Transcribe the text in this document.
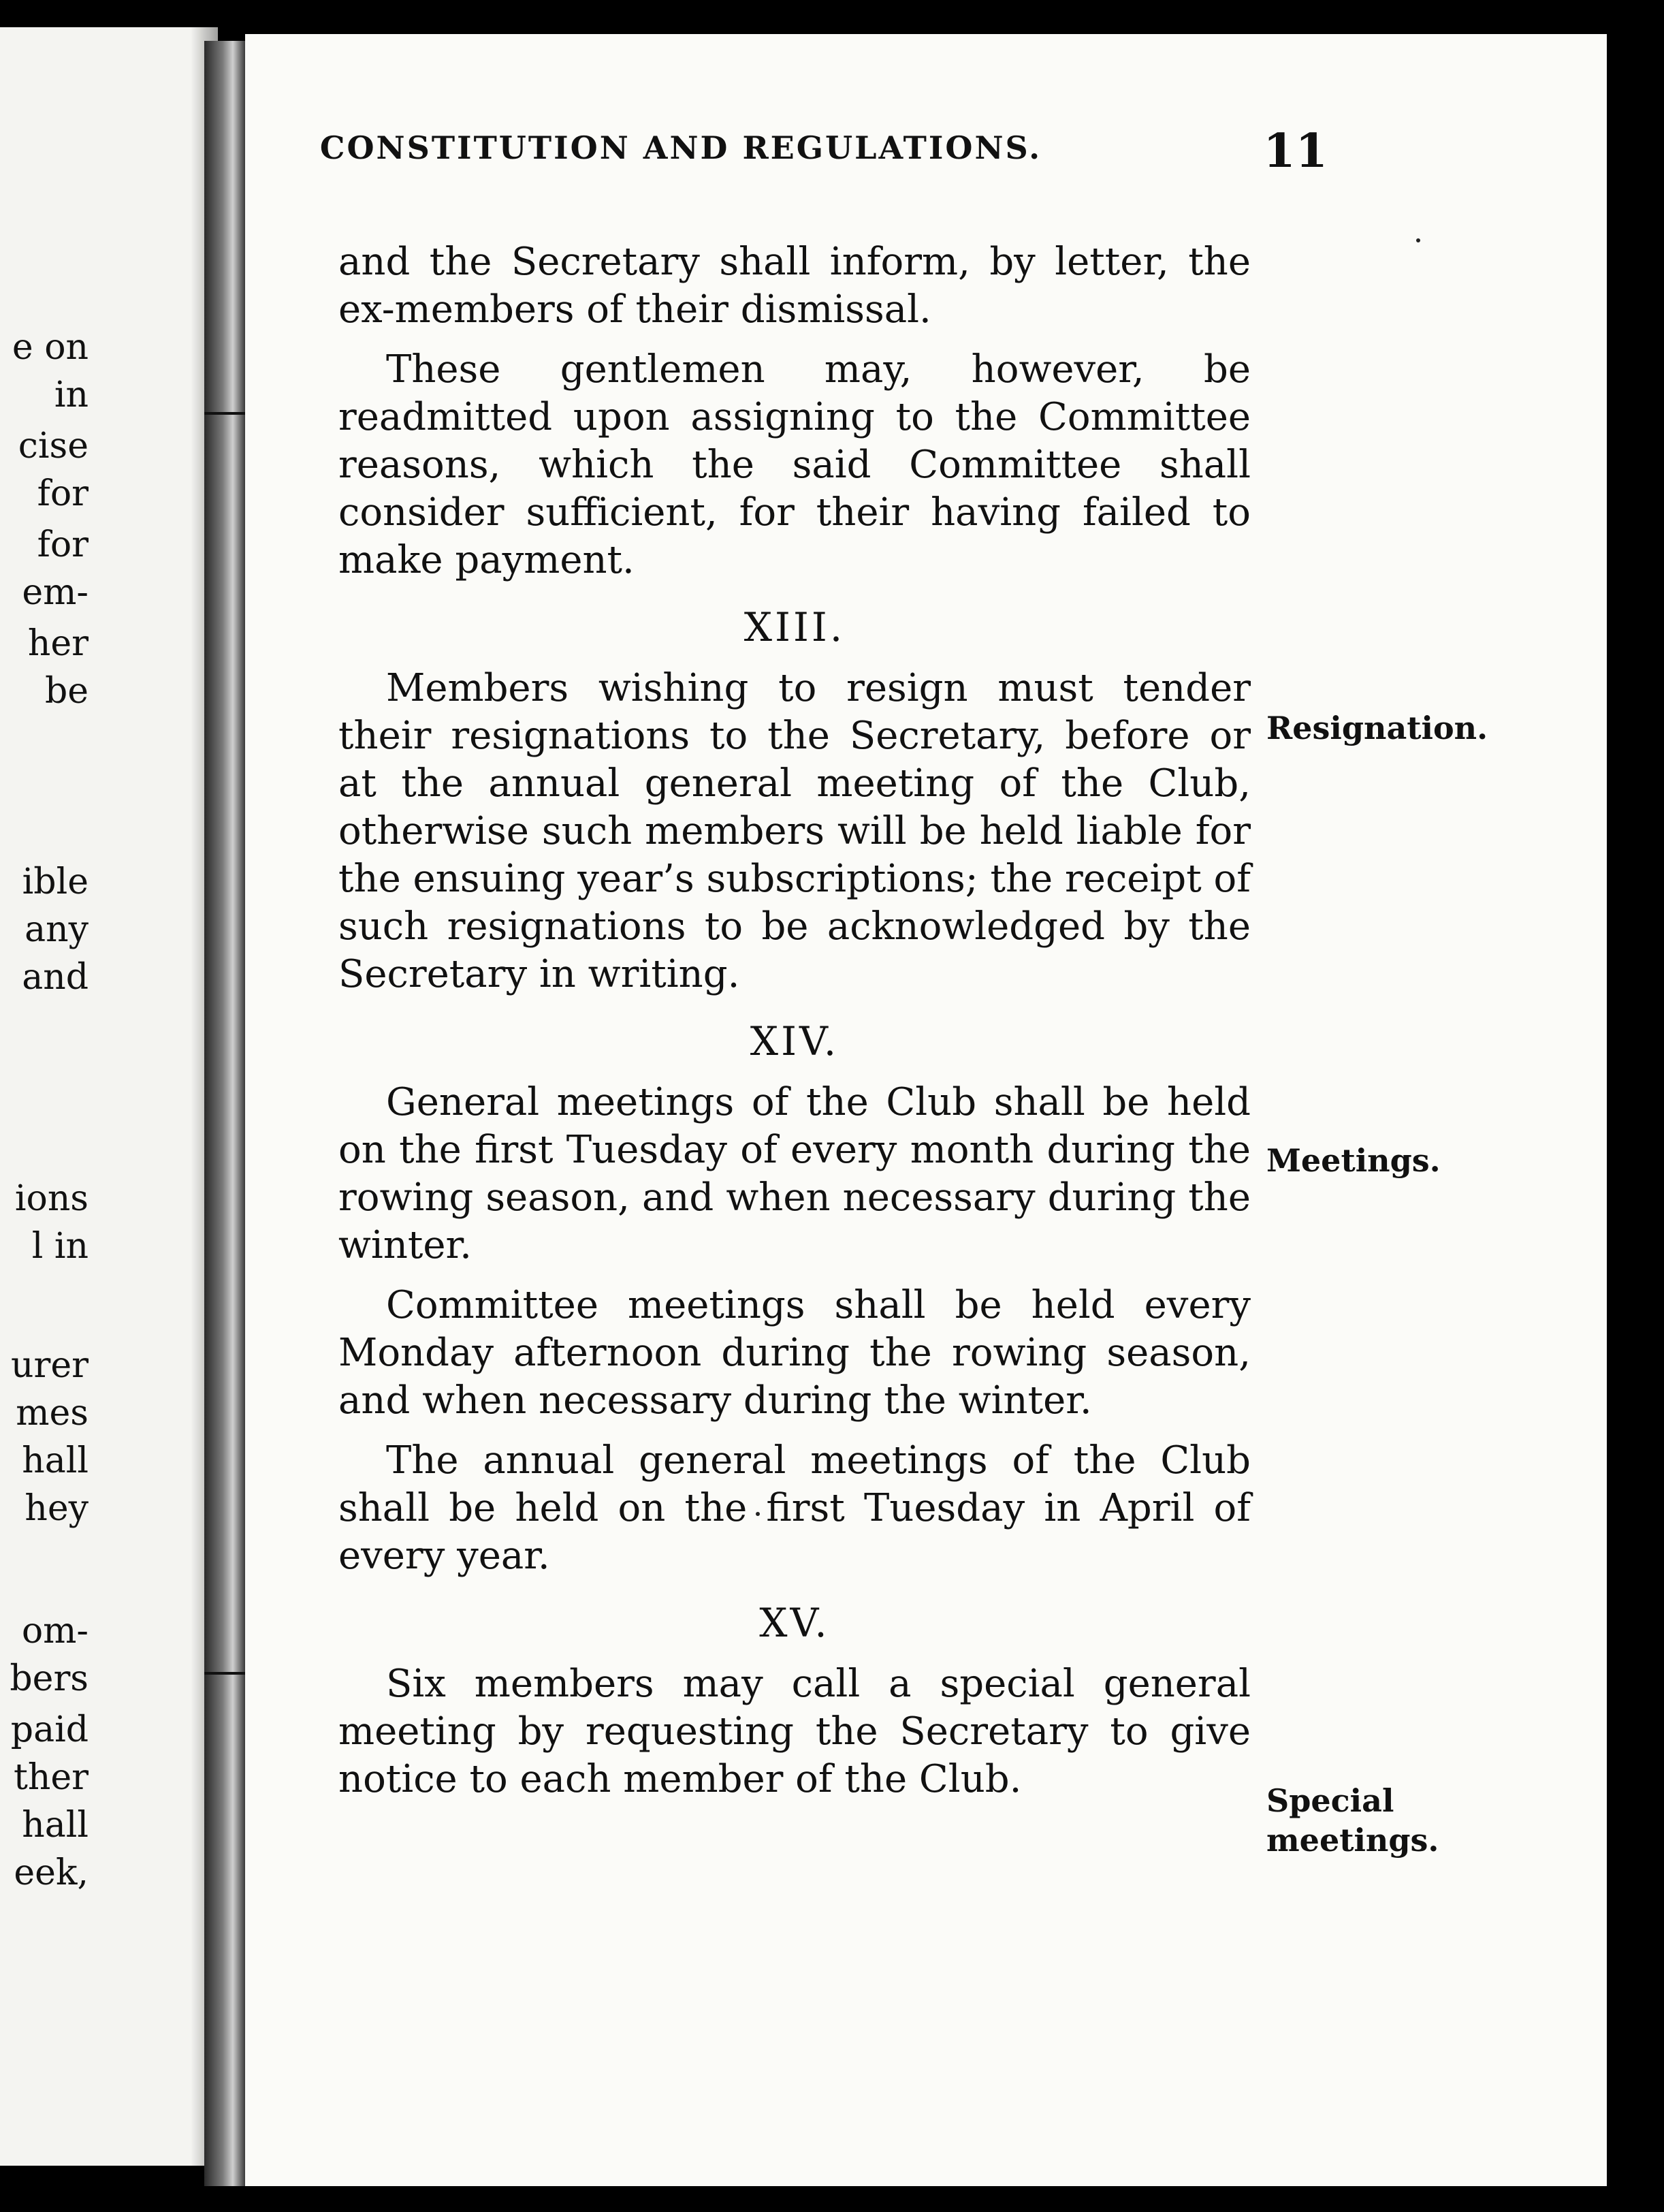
e on
in
cise
for
for
em-
her
be
ible
any
and
ions
l in
urer
mes
hall
hey
om-
bers
paid
ther
hall
eek,
CONSTITUTION AND REGULATIONS.	11

and the Secretary shall inform, by letter, the ex-members of their dismissal.

These gentlemen may, however, be readmitted upon assigning to the Committee reasons, which the said Committee shall consider sufficient, for their having failed to make payment.

XIII.

Members wishing to resign must tender their resignations to the Secretary, before or at the annual general meeting of the Club, otherwise such members will be held liable for the ensuing year’s subscriptions; the receipt of such resignations to be acknowledged by the Secretary in writing.

XIV.

General meetings of the Club shall be held on the first Tuesday of every month during the rowing season, and when necessary during the winter.

Committee meetings shall be held every Monday afternoon during the rowing season, and when necessary during the winter.

The annual general meetings of the Club shall be held on the first Tuesday in April of every year.

XV.

Six members may call a special general meeting by requesting the Secretary to give notice to each member of the Club.

Resignation.
Meetings.
Special
meetings.
